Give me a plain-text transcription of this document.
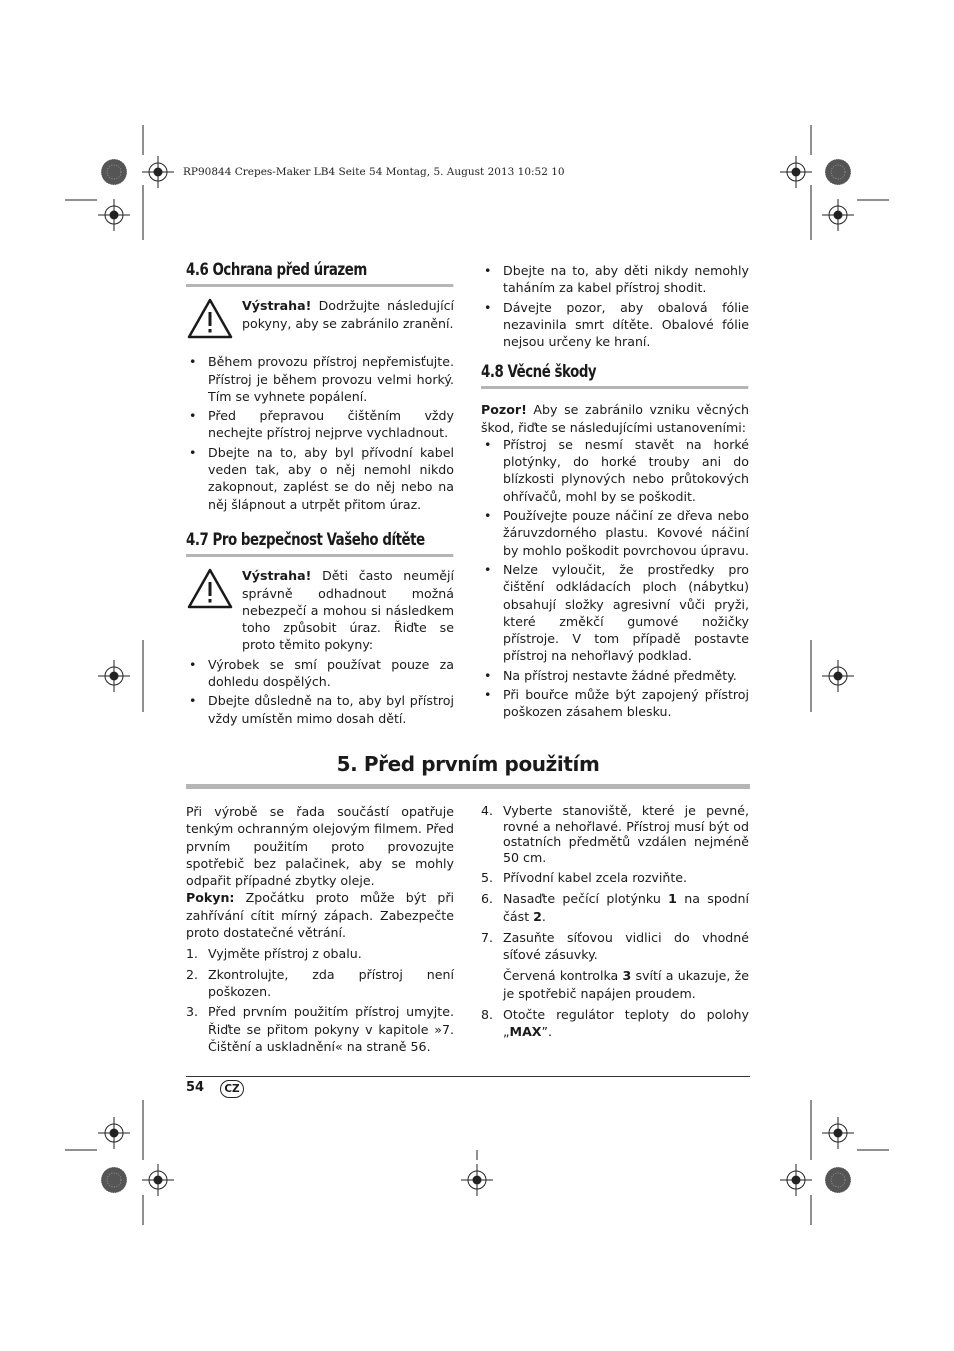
RP90844 Crepes-Maker LB4 Seite 54 Montag, 5. August 2013 10:52 10
4.6 Ochrana před úrazem

Výstraha! Dodržujte následující pokyny, aby se zabránilo zranění.

• Během provozu přístroj nepřemisťujte. Přístroj je během provozu velmi horký. Tím se vyhnete popálení.
• Před přepravou čištěním vždy nechejte přístroj nejprve vychladnout.
• Dbejte na to, aby byl přívodní kabel veden tak, aby o něj nemohl nikdo zakopnout, zaplést se do něj nebo na něj šlápnout a utrpět přitom úraz.
4.7 Pro bezpečnost Vašeho dítěte

Výstraha! Děti často neumějí správně odhadnout možná nebezpečí a mohou si následkem toho způsobit úraz. Řiďte se proto těmito pokyny:

• Výrobek se smí používat pouze za dohledu dospělých.
• Dbejte důsledně na to, aby byl přístroj vždy umístěn mimo dosah dětí.
• Dbejte na to, aby děti nikdy nemohly taháním za kabel přístroj shodit.
• Dávejte pozor, aby obalová fólie nezavinila smrt dítěte. Obalové fólie nejsou určeny ke hraní.
4.8 Věcné škody

Pozor! Aby se zabránilo vzniku věcných škod, řiďte se následujícími ustanoveními:

• Přístroj se nesmí stavět na horké plotýnky, do horké trouby ani do blízkosti plynových nebo průtokových ohřívačů, mohl by se poškodit.
• Používejte pouze náčiní ze dřeva nebo žáruvzdorného plastu. Kovové náčiní by mohlo poškodit povrchovou úpravu.
• Nelze vyloučit, že prostředky pro čištění odkládacích ploch (nábytku) obsahují složky agresivní vůči pryži, které změkčí gumové nožičky přístroje. V tom případě postavte přístroj na nehořlavý podklad.
• Na přístroj nestavte žádné předměty.
• Při bouřce může být zapojený přístroj poškozen zásahem blesku.
5. Před prvním použitím

Při výrobě se řada součástí opatřuje tenkým ochranným olejovým filmem. Před prvním použitím proto provozujte spotřebič bez palačinek, aby se mohly odpařit případné zbytky oleje.

Pokyn: Zpočátku proto může být při zahřívání cítit mírný zápach. Zabezpečte proto dostatečné větrání.

1. Vyjměte přístroj z obalu.
2. Zkontrolujte, zda přístroj není poškozen.
3. Před prvním použitím přístroj umyjte. Řiďte se přitom pokyny v kapitole »7. Čištění a uskladnění« na straně 56.
4. Vyberte stanoviště, které je pevné, rovné a nehořlavé. Přístroj musí být od ostatních předmětů vzdálen nejméně 50 cm.
5. Přívodní kabel zcela rozviňte.
6. Nasaďte pečící plotýnku 1 na spodní část 2.
7. Zasuňte síťovou vidlici do vhodné síťové zásuvky.
Červená kontrolka 3 svítí a ukazuje, že je spotřebič napájen proudem.
8. Otočte regulátor teploty do polohy „MAX”.
54	CZ
